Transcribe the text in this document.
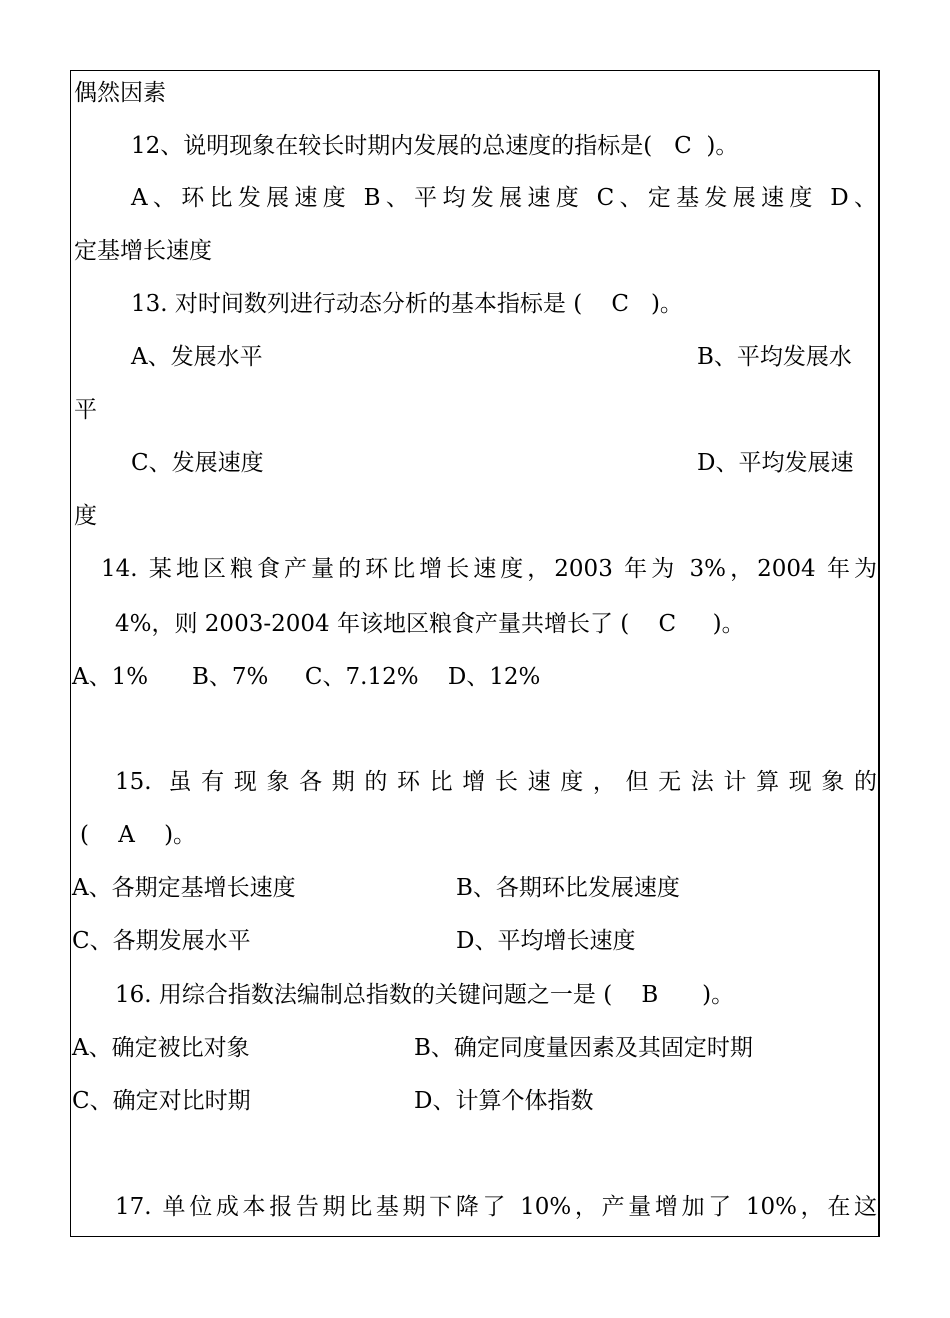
偶然因素
12、说明现象在较长时期内发展的总速度的指标是(   C  )。
A、环比发展速度 B、平均发展速度 C、定基发展速度 D、
定基增长速度
13. 对时间数列进行动态分析的基本指标是 (    C   )。
A、发展水平	B、平均发展水
平
C、发展速度	D、平均发展速
度
14. 某地区粮食产量的环比增长速度，2003 年为 3%，2004 年为
4%，则 2003-2004 年该地区粮食产量共增长了 (    C     )。
A、1%      B、7%     C、7.12%    D、12%
15. 虽有现象各期的环比增长速度，但无法计算现象的
(    A    )。
A、各期定基增长速度	B、各期环比发展速度
C、各期发展水平	D、平均增长速度
16. 用综合指数法编制总指数的关键问题之一是 (    B      )。
A、确定被比对象	B、确定同度量因素及其固定时期
C、确定对比时期	D、计算个体指数
17. 单位成本报告期比基期下降了 10%，产量增加了 10%，在这
